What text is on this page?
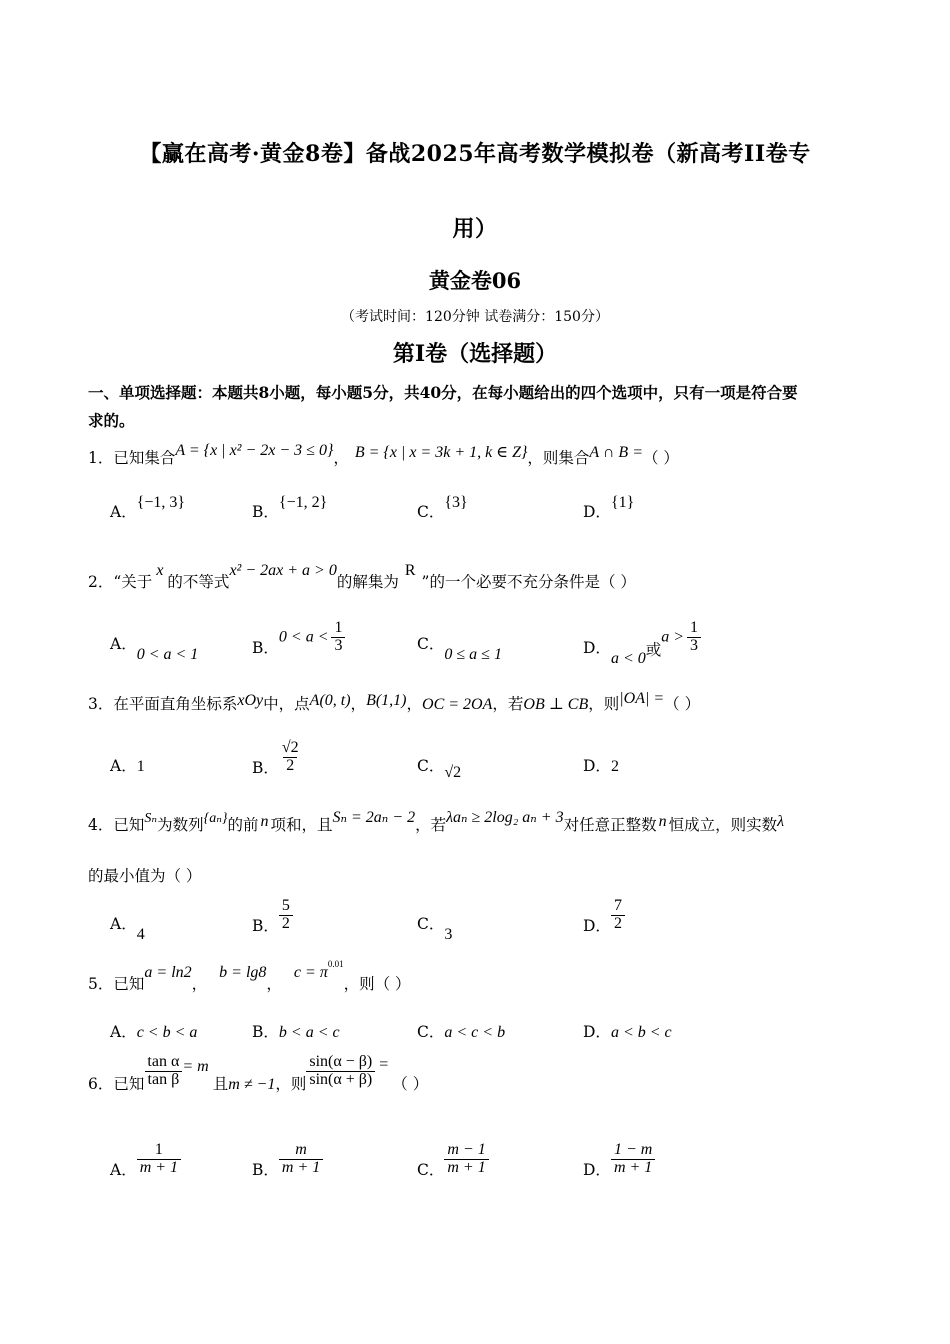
【赢在高考·黄金8卷】备战2025年高考数学模拟卷（新高考II卷专
用）
黄金卷06
（考试时间：120分钟 试卷满分：150分）
第I卷（选择题）
一、单项选择题：本题共8小题，每小题5分，共40分，在每小题给出的四个选项中，只有一项是符合要
求的。
1．已知集合A = {x | x² − 2x − 3 ≤ 0}， B = {x | x = 3k + 1, k ∈ Z}，则集合A ∩ B =（ ）
A．{−1, 3}
B．{−1, 2}
C．{3}
D．{1}
2．“关于x的不等式x² − 2ax + a > 0的解集为R”的一个必要不充分条件是（ ）
A．0 < a < 1	B．$0 < a < \frac{1}{3}$	C．0 ≤ a ≤ 1	D．a < 0或$a > \frac{1}{3}$
3．在平面直角坐标系xOy中，点A(0, t)，B(1,1)，OC = 2OA，若OB ⊥ CB，则|OA| =（ ）
A．1	B． $\frac{√2}{2}$	C．√2	D．2
4．已知Sₙ为数列{aₙ}的前 n 项和，且Sₙ = 2aₙ − 2，若λaₙ ≥ 2log₂ aₙ + 3对任意正整数 n 恒成立，则实数λ
的最小值为（ ）
A．4	B． $\frac{5}{2}$	C．3	D． $\frac{7}{2}$
5．已知a = ln2，b = lg8，$c = \pi^{0.01}$，则（ ）
A．c < b < a	B．b < a < c	C．a < c < b	D．a < b < c
6．已知 $\frac{\text{tan α}}{\text{tan β}} = m$且m ≠ −1，则 $\frac{\sin(\alpha - \beta)}{\sin(\alpha + \beta)}$ =（ ）
A． $\frac{1}{m + 1}$	B． $\frac{m}{m + 1}$	C． $\frac{m - 1}{m + 1}$	D． $\frac{1 - m}{m + 1}$
